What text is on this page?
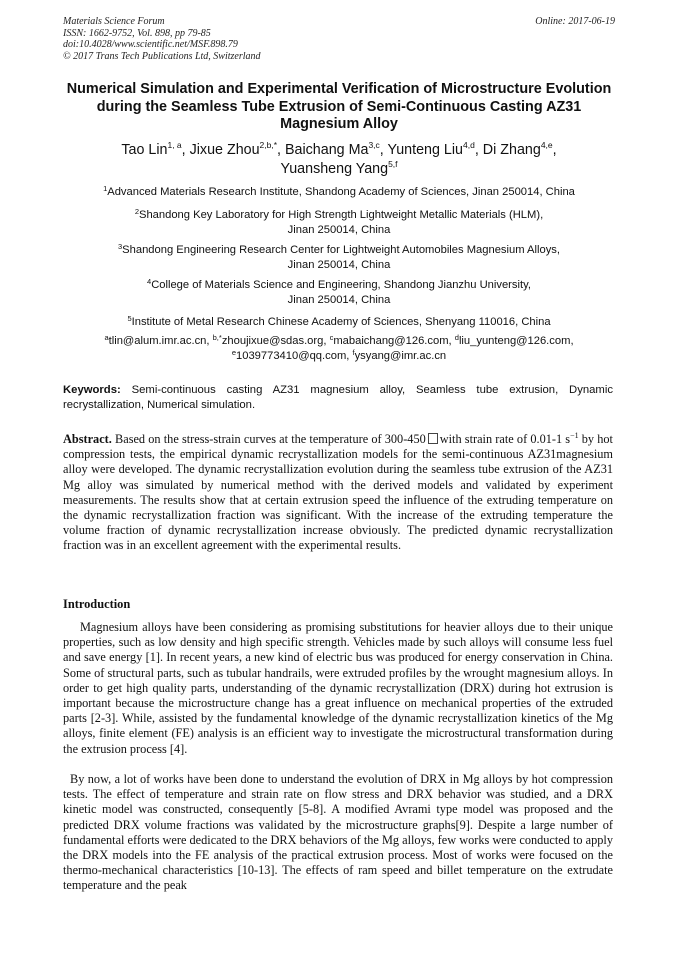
Materials Science Forum
ISSN: 1662-9752, Vol. 898, pp 79-85
doi:10.4028/www.scientific.net/MSF.898.79
© 2017 Trans Tech Publications Ltd, Switzerland
Online: 2017-06-19
Numerical Simulation and Experimental Verification of Microstructure Evolution during the Seamless Tube Extrusion of Semi-Continuous Casting AZ31 Magnesium Alloy
Tao Lin$^{1, a}$, Jixue Zhou$^{2,b,*}$, Baichang Ma$^{3,c}$, Yunteng Liu$^{4,d}$, Di Zhang$^{4,e}$,
Yuansheng Yang$^{5,f}$
$^1$Advanced Materials Research Institute, Shandong Academy of Sciences, Jinan 250014, China
$^2$Shandong Key Laboratory for High Strength Lightweight Metallic Materials (HLM),
Jinan 250014, China
$^3$Shandong Engineering Research Center for Lightweight Automobiles Magnesium Alloys,
Jinan 250014, China
$^4$College of Materials Science and Engineering, Shandong Jianzhu University,
Jinan 250014, China
$^5$Institute of Metal Research Chinese Academy of Sciences, Shenyang 110016, China
$^a$tlin@alum.imr.ac.cn, $^{b,*}$zhoujixue@sdas.org, $^c$mabaichang@126.com, $^d$liu_yunteng@126.com,
$^e$1039773410@qq.com, $^f$ysyang@imr.ac.cn
Keywords: Semi-continuous casting AZ31 magnesium alloy, Seamless tube extrusion, Dynamic recrystallization, Numerical simulation.
Abstract. Based on the stress-strain curves at the temperature of 300-450 with strain rate of 0.01-1 $s^{-1}$ by hot compression tests, the empirical dynamic recrystallization models for the semi-continuous AZ31magnesium alloy were developed. The dynamic recrystallization evolution during the seamless tube extrusion of the AZ31 Mg alloy was simulated by numerical method with the derived models and validated by experiment measurements. The results show that at certain extrusion speed the influence of the extruding temperature on the dynamic recrystallization fraction was significant. With the increase of the extruding temperature the volume fraction of dynamic recrystallization increase obviously. The predicted dynamic recrystallization fraction was in an excellent agreement with the experimental results.
Introduction
Magnesium alloys have been considering as promising substitutions for heavier alloys due to their unique properties, such as low density and high specific strength. Vehicles made by such alloys will consume less fuel and save energy [1]. In recent years, a new kind of electric bus was produced for energy conservation in China. Some of structural parts, such as tubular handrails, were extruded profiles by the wrought magnesium alloys. In order to get high quality parts, understanding of the dynamic recrystallization (DRX) during hot extrusion is important because the microstructure change has a great influence on mechanical properties of the extruded parts [2-3]. While, assisted by the fundamental knowledge of the dynamic recrystallization kinetics of the Mg alloys, finite element (FE) analysis is an efficient way to investigate the microstructural transformation during the extrusion process [4].
By now, a lot of works have been done to understand the evolution of DRX in Mg alloys by hot compression tests. The effect of temperature and strain rate on flow stress and DRX behavior was studied, and a DRX kinetic model was constructed, consequently [5-8]. A modified Avrami type model was proposed and the predicted DRX volume fractions was validated by the microstructure graphs[9]. Despite a large number of fundamental efforts were dedicated to the DRX behaviors of the Mg alloys, few works were conducted to apply the DRX models into the FE analysis of the practical extrusion process. Most of works were focused on the thermo-mechanical characteristics [10-13]. The effects of ram speed and billet temperature on the extrudate temperature and the peak
